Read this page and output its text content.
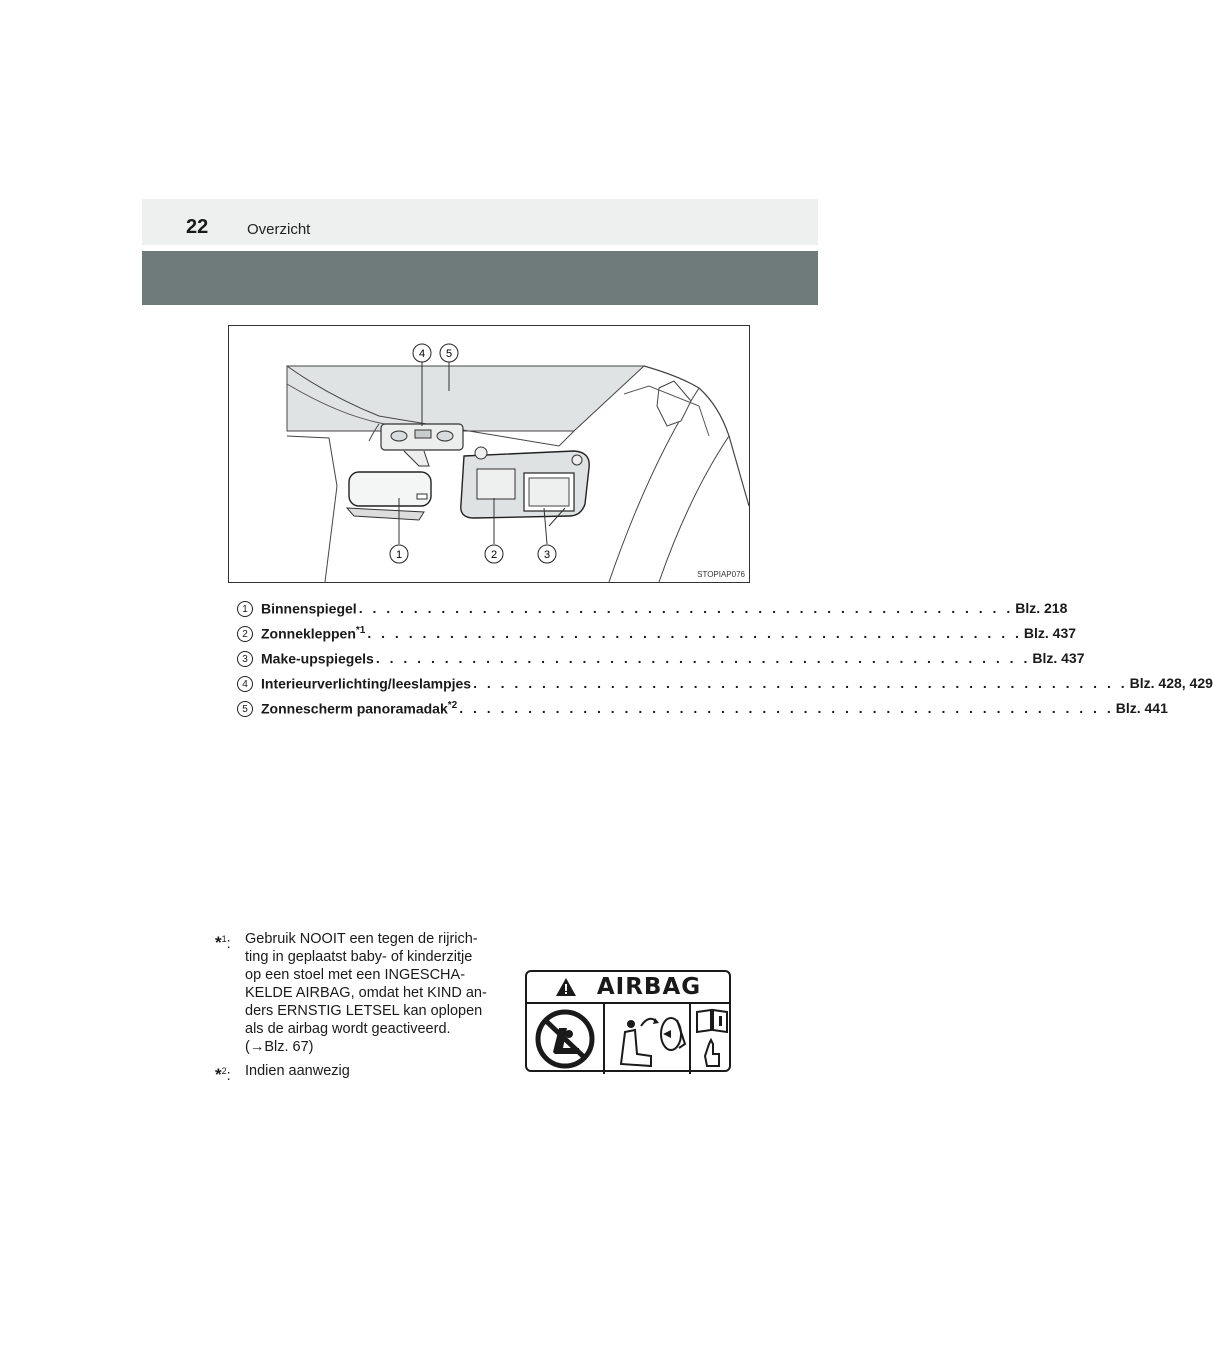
22	Overzicht
4 5
1	2	3
STOPIAP076
1 Binnenspiegel . . . . . . . . . . . . . . . . . . . . . . . . . . . . . . . . . . . . . . . . . . . . . . . . Blz. 218
2 Zonnekleppen$^{*1}$ . . . . . . . . . . . . . . . . . . . . . . . . . . . . . . . . . . . . . . . . . . . . . . . . Blz. 437
3 Make-upspiegels . . . . . . . . . . . . . . . . . . . . . . . . . . . . . . . . . . . . . . . . . . . . . . . . Blz. 437
4 Interieurverlichting/leeslampjes . . . . . . . . . . . . . . . . . . . . . . . . . . . . . . . . . . . . . . . . . . . . . . . . Blz. 428, 429
5 Zonnescherm panoramadak$^{*2}$ . . . . . . . . . . . . . . . . . . . . . . . . . . . . . . . . . . . . . . . . . . . . . . . . Blz. 441
*$^1$: Gebruik NOOIT een tegen de rijrich-
ting in geplaatst baby- of kinderzitje
op een stoel met een INGESCHA-
KELDE AIRBAG, omdat het KIND an-
ders ERNSTIG LETSEL kan oplopen
als de airbag wordt geactiveerd.
(→Blz. 67)
*$^2$: Indien aanwezig
AIRBAG
